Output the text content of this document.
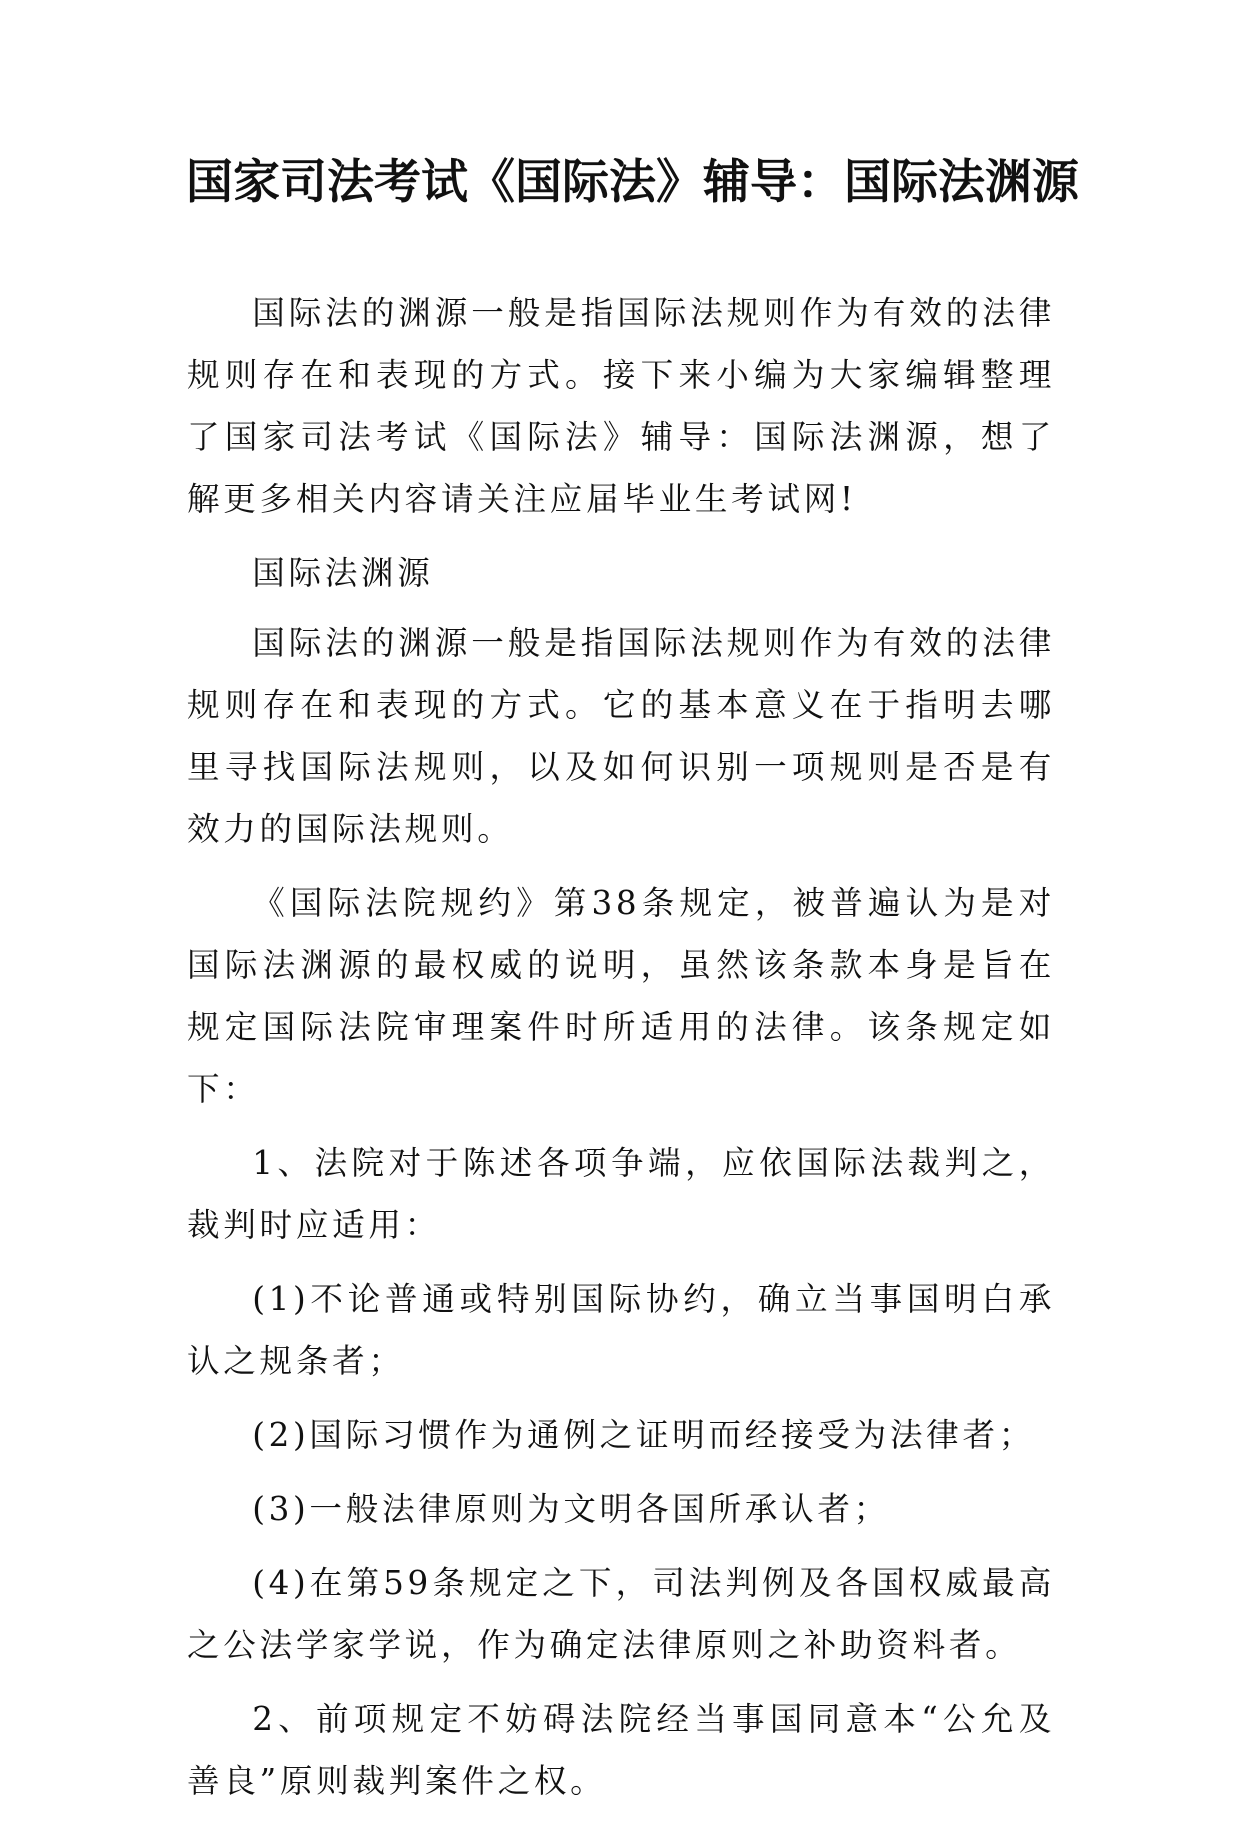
国家司法考试《国际法》辅导：国际法渊源

国际法的渊源一般是指国际法规则作为有效的法律规则存在和表现的方式。接下来小编为大家编辑整理了国家司法考试《国际法》辅导：国际法渊源，想了解更多相关内容请关注应届毕业生考试网!

国际法渊源

国际法的渊源一般是指国际法规则作为有效的法律规则存在和表现的方式。它的基本意义在于指明去哪里寻找国际法规则，以及如何识别一项规则是否是有效力的国际法规则。

《国际法院规约》第38条规定，被普遍认为是对国际法渊源的最权威的说明，虽然该条款本身是旨在规定国际法院审理案件时所适用的法律。该条规定如下：

1、法院对于陈述各项争端，应依国际法裁判之，裁判时应适用：

(1)不论普通或特别国际协约，确立当事国明白承认之规条者；

(2)国际习惯作为通例之证明而经接受为法律者；

(3)一般法律原则为文明各国所承认者；

(4)在第59条规定之下，司法判例及各国权威最高之公法学家学说，作为确定法律原则之补助资料者。

2、前项规定不妨碍法院经当事国同意本“公允及善良”原则裁判案件之权。
